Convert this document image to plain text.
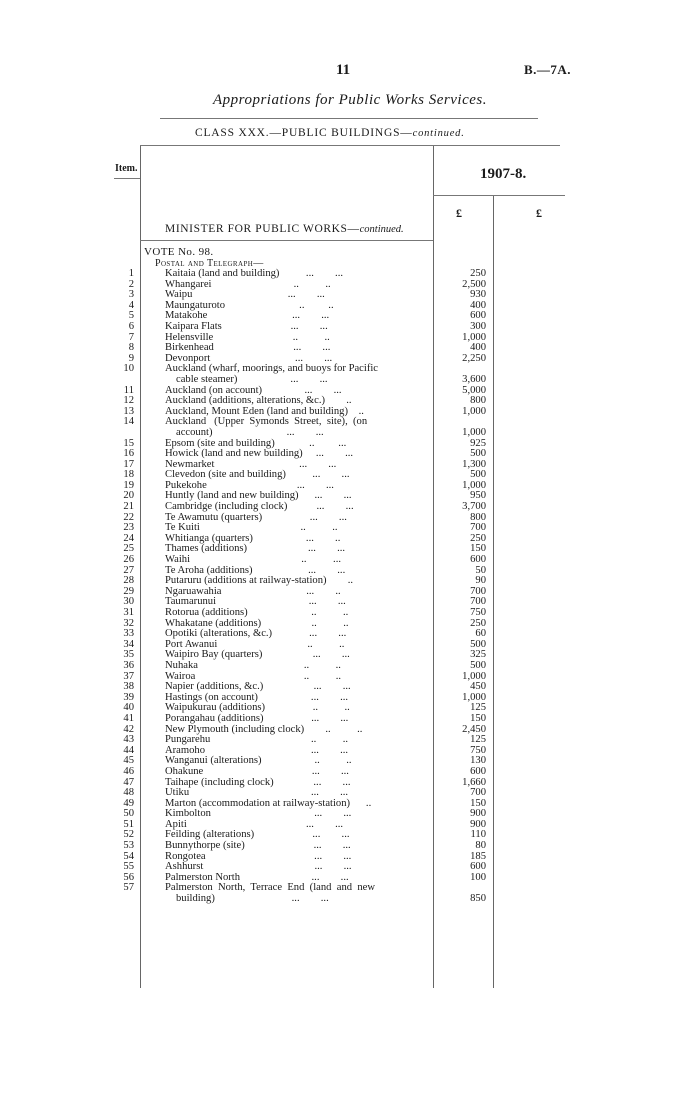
11	B.—7A.
Appropriations for Public Works Services.
CLASS XXX.—PUBLIC BUILDINGS—continued.
Item.	1907-8.
£	£
MINISTER FOR PUBLIC WORKS—continued.
VOTE No. 98.
Postal and Telegraph—
1	Kaitaia (land and building)          ...        ...	250
2	Whangarei                               ..          ..	2,500
3	Waipu                                    ...        ...	930
4	Maungaturoto                            ..         ..	400
5	Matakohe                                ...        ...	600
6	Kaipara Flats                          ...        ...	300
7	Helensville                              ..          ..	1,000
8	Birkenhead                              ...        ...	400
9	Devonport                                ...        ...	2,250
10	Auckland (wharf, moorings, and buoys for Pacific
cable steamer)                    ...        ...	3,600
11	Auckland (on account)                ...        ...	5,000
12	Auckland (additions, alterations, &c.)        ..	800
13	Auckland, Mount Eden (land and building)    ..	1,000
14	Auckland   (Upper  Symonds  Street,  site),  (on
account)                            ...        ...	1,000
15	Epsom (site and building)             ..         ...	925
16	Howick (land and new building)     ...        ...	500
17	Newmarket                                ...        ...	1,300
18	Clevedon (site and building)          ...        ...	500
19	Pukekohe                                  ...        ...	1,000
20	Huntly (land and new building)      ...        ...	950
21	Cambridge (including clock)           ...        ...	3,700
22	Te Awamutu (quarters)                  ...        ...	800
23	Te Kuiti                                      ..          ..	700
24	Whitianga (quarters)                    ...        ..	250
25	Thames (additions)                       ...        ...	150
26	Waihi                                          ..          ...	600
27	Te Aroha (additions)                     ...        ...	50
28	Putaruru (additions at railway-station)        ..	90
29	Ngaruawahia                                ...        ..	700
30	Taumarunui                                   ...        ...	700
31	Rotorua (additions)                        ..          ..	750
32	Whakatane (additions)                   ..          ..	250
33	Opotiki (alterations, &c.)              ...        ...	60
34	Port Awanui                                  ..          ..	500
35	Waipiro Bay (quarters)                   ...        ...	325
36	Nuhaka                                        ..          ..	500
37	Wairoa                                         ..          ..	1,000
38	Napier (additions, &c.)                   ...        ...	450
39	Hastings (on account)                    ...        ...	1,000
40	Waipukurau (additions)                  ..          ..	125
41	Porangahau (additions)                  ...        ...	150
42	New Plymouth (including clock)        ..          ..	2,450
43	Pungarehu                                      ..          ..	125
44	Aramoho                                        ...        ...	750
45	Wanganui (alterations)                    ..          ..	130
46	Ohakune                                         ...        ...	600
47	Taihape (including clock)               ...        ...	1,660
48	Utiku                                              ...        ...	700
49	Marton (accommodation at railway-station)      ..	150
50	Kimbolton                                       ...        ...	900
51	Apiti                                             ...        ...	900
52	Feilding (alterations)                      ...        ...	110
53	Bunnythorpe (site)                          ...        ...	80
54	Rongotea                                         ...        ...	185
55	Ashhurst                                          ...        ...	600
56	Palmerston North                           ...        ...	100
57	Palmerston  North,  Terrace  End  (land  and  new
building)                             ...        ...	850
